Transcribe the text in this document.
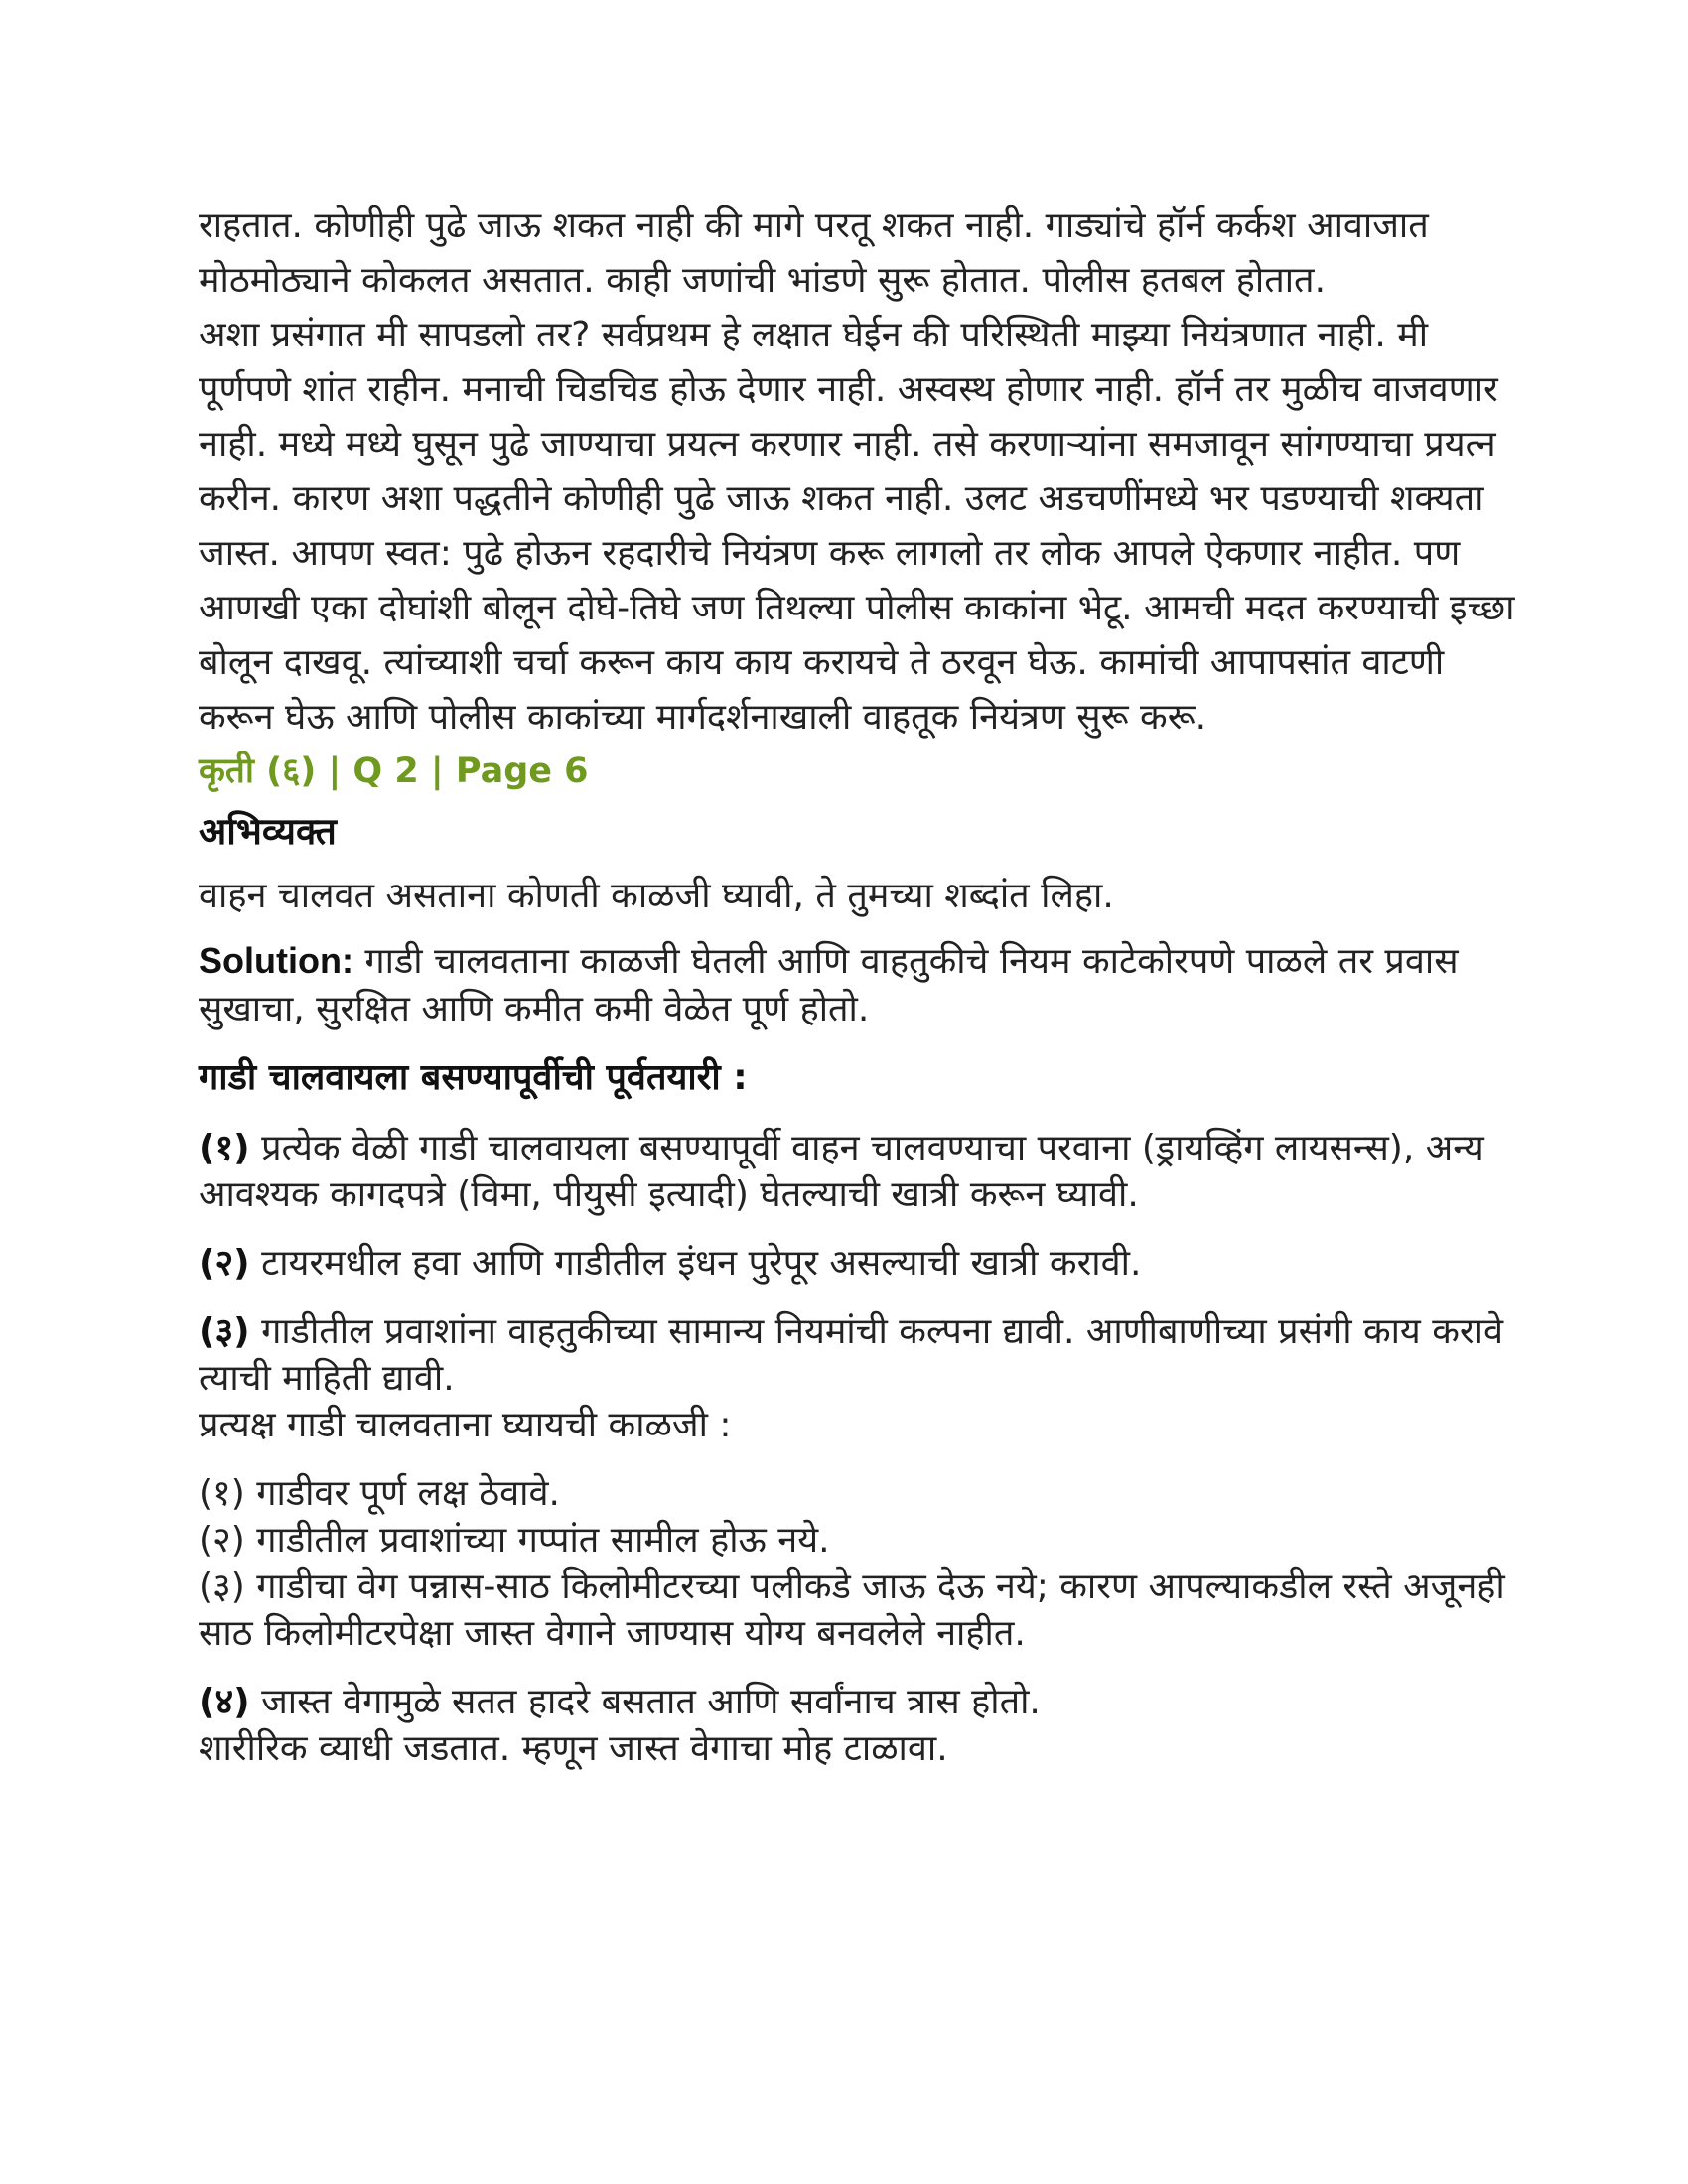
राहतात. कोणीही पुढे जाऊ शकत नाही की मागे परतू शकत नाही. गाड्यांचे हॉर्न कर्कश आवाजात मोठमोठ्याने कोकलत असतात. काही जणांची भांडणे सुरू होतात. पोलीस हतबल होतात.

अशा प्रसंगात मी सापडलो तर? सर्वप्रथम हे लक्षात घेईन की परिस्थिती माझ्या नियंत्रणात नाही. मी पूर्णपणे शांत राहीन. मनाची चिडचिड होऊ देणार नाही. अस्वस्थ होणार नाही. हॉर्न तर मुळीच वाजवणार नाही. मध्ये मध्ये घुसून पुढे जाण्याचा प्रयत्न करणार नाही. तसे करणाऱ्यांना समजावून सांगण्याचा प्रयत्न करीन. कारण अशा पद्धतीने कोणीही पुढे जाऊ शकत नाही. उलट अडचणींमध्ये भर पडण्याची शक्यता जास्त. आपण स्वत: पुढे होऊन रहदारीचे नियंत्रण करू लागलो तर लोक आपले ऐकणार नाहीत. पण आणखी एका दोघांशी बोलून दोघे-तिघे जण तिथल्या पोलीस काकांना भेटू. आमची मदत करण्याची इच्छा बोलून दाखवू. त्यांच्याशी चर्चा करून काय काय करायचे ते ठरवून घेऊ. कामांची आपापसांत वाटणी करून घेऊ आणि पोलीस काकांच्या मार्गदर्शनाखाली वाहतूक नियंत्रण सुरू करू.

कृती (६) | Q 2 | Page 6

अभिव्यक्त

वाहन चालवत असताना कोणती काळजी घ्यावी, ते तुमच्या शब्दांत लिहा.

Solution: गाडी चालवताना काळजी घेतली आणि वाहतुकीचे नियम काटेकोरपणे पाळले तर प्रवास सुखाचा, सुरक्षित आणि कमीत कमी वेळेत पूर्ण होतो.

गाडी चालवायला बसण्यापूर्वीची पूर्वतयारी :

(१) प्रत्येक वेळी गाडी चालवायला बसण्यापूर्वी वाहन चालवण्याचा परवाना (ड्रायव्हिंग लायसन्स), अन्य आवश्यक कागदपत्रे (विमा, पीयुसी इत्यादी) घेतल्याची खात्री करून घ्यावी.

(२) टायरमधील हवा आणि गाडीतील इंधन पुरेपूर असल्याची खात्री करावी.

(३) गाडीतील प्रवाशांना वाहतुकीच्या सामान्य नियमांची कल्पना द्यावी. आणीबाणीच्या प्रसंगी काय करावे त्याची माहिती द्यावी.

प्रत्यक्ष गाडी चालवताना घ्यायची काळजी :

(१) गाडीवर पूर्ण लक्ष ठेवावे.

(२) गाडीतील प्रवाशांच्या गप्पांत सामील होऊ नये.

(३) गाडीचा वेग पन्नास-साठ किलोमीटरच्या पलीकडे जाऊ देऊ नये; कारण आपल्याकडील रस्ते अजूनही साठ किलोमीटरपेक्षा जास्त वेगाने जाण्यास योग्य बनवलेले नाहीत.

(४) जास्त वेगामुळे सतत हादरे बसतात आणि सर्वांनाच त्रास होतो.

शारीरिक व्याधी जडतात. म्हणून जास्त वेगाचा मोह टाळावा.
